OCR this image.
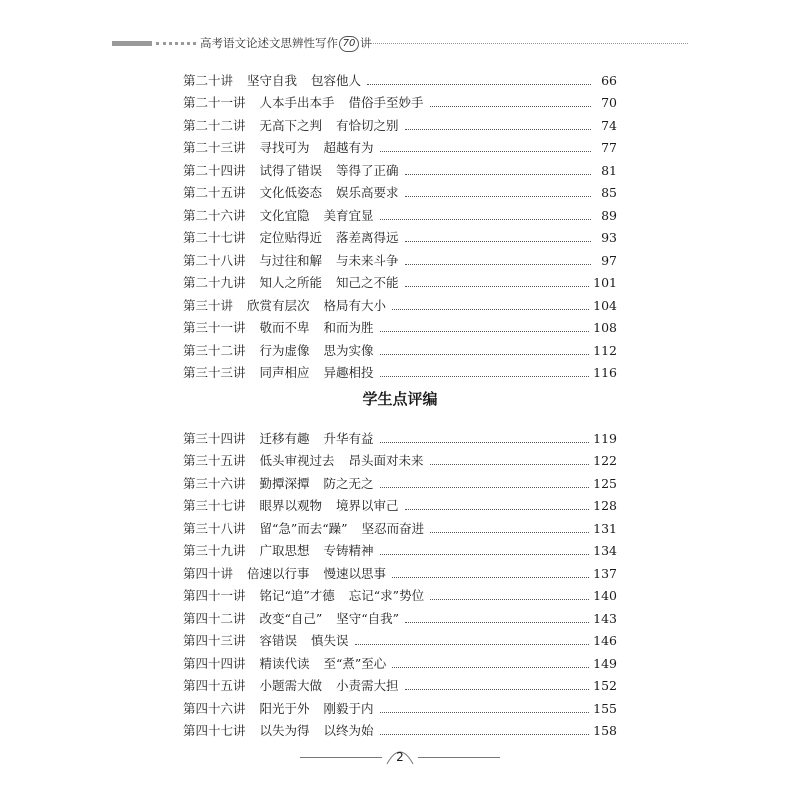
高考语文论述文思辨性写作 70 讲
第二十讲 坚守自我 包容他人	66
第二十一讲 人本手出本手 借俗手至妙手	70
第二十二讲 无高下之判 有恰切之别	74
第二十三讲 寻找可为 超越有为	77
第二十四讲 试得了错误 等得了正确	81
第二十五讲 文化低姿态 娱乐高要求	85
第二十六讲 文化宜隐 美育宜显	89
第二十七讲 定位贴得近 落差离得远	93
第二十八讲 与过往和解 与未来斗争	97
第二十九讲 知人之所能 知己之不能	101
第三十讲 欣赏有层次 格局有大小	104
第三十一讲 敬而不卑 和而为胜	108
第三十二讲 行为虚像 思为实像	112
第三十三讲 同声相应 异趣相投	116
学生点评编
第三十四讲 迁移有趣 升华有益	119
第三十五讲 低头审视过去 昂头面对未来	122
第三十六讲 勤撢深撢 防之无之	125
第三十七讲 眼界以观物 境界以审己	128
第三十八讲 留“急”而去“躁” 坚忍而奋进	131
第三十九讲 广取思想 专铸精神	134
第四十讲 倍速以行事 慢速以思事	137
第四十一讲 铭记“追”才德 忘记“求”势位	140
第四十二讲 改变“自己” 坚守“自我”	143
第四十三讲 容错误 慎失误	146
第四十四讲 精读代读 至“煮”至心	149
第四十五讲 小题需大做 小责需大担	152
第四十六讲 阳光于外 刚毅于内	155
第四十七讲 以失为得 以终为始	158
2
